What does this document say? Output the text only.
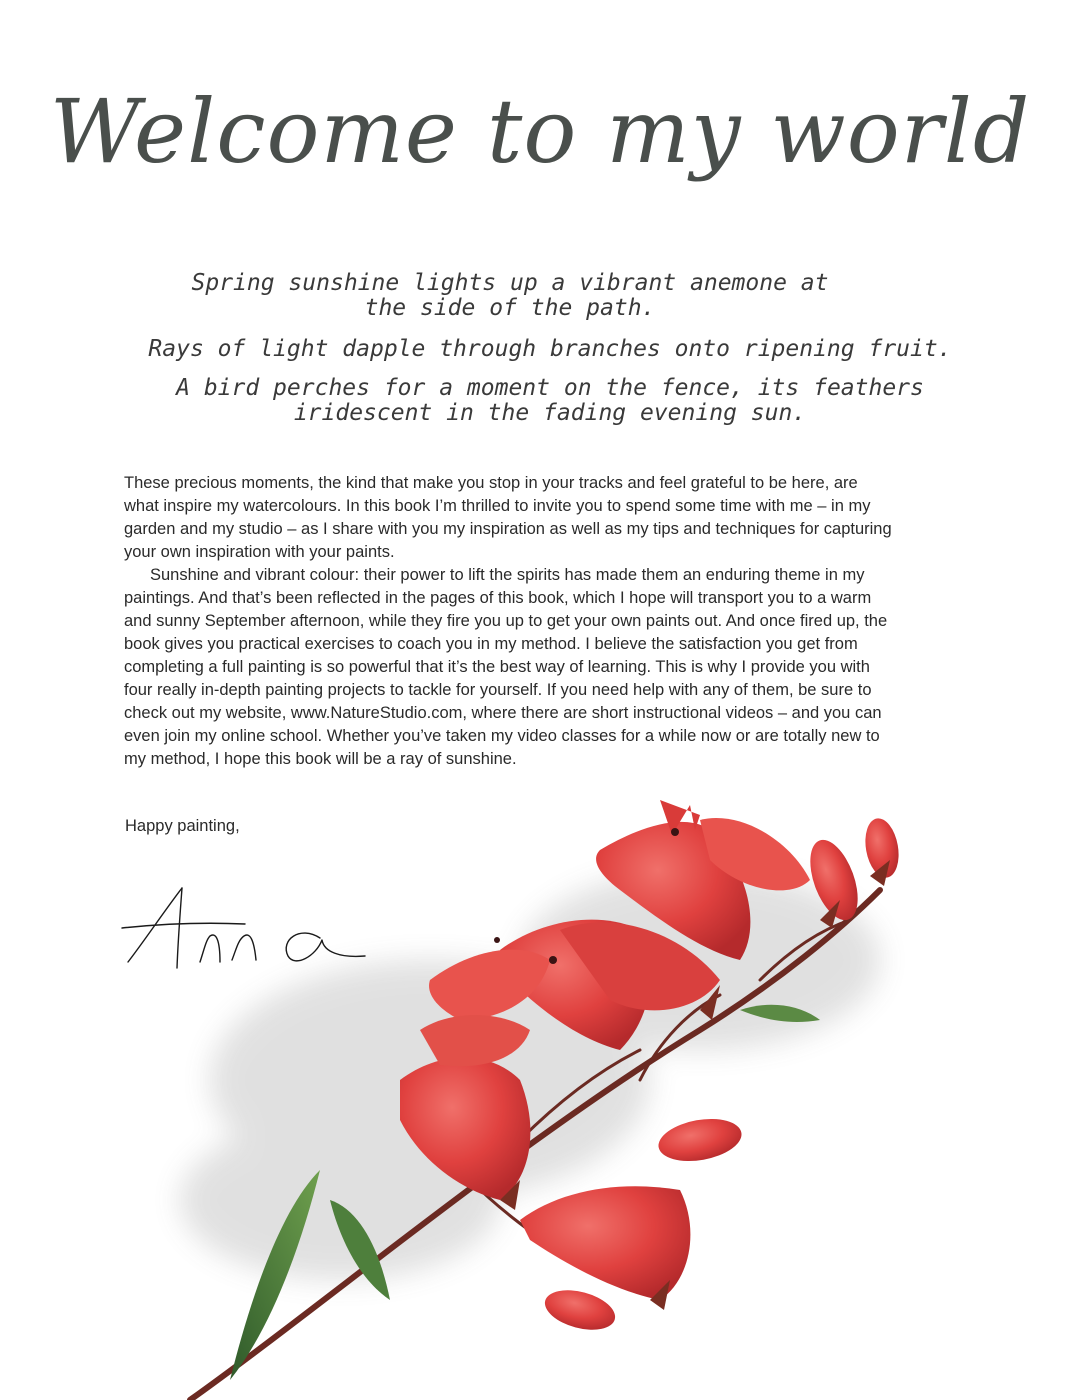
Welcome to my world

Spring sunshine lights up a vibrant anemone at the side of the path.

Rays of light dapple through branches onto ripening fruit.

A bird perches for a moment on the fence, its feathers iridescent in the fading evening sun.

These precious moments, the kind that make you stop in your tracks and feel grateful to be here, are what inspire my watercolours. In this book I’m thrilled to invite you to spend some time with me – in my garden and my studio – as I share with you my inspiration as well as my tips and techniques for capturing your own inspiration with your paints.

Sunshine and vibrant colour: their power to lift the spirits has made them an enduring theme in my paintings. And that’s been reflected in the pages of this book, which I hope will transport you to a warm and sunny September afternoon, while they fire you up to get your own paints out. And once fired up, the book gives you practical exercises to coach you in my method. I believe the satisfaction you get from completing a full painting is so powerful that it’s the best way of learning. This is why I provide you with four really in-depth painting projects to tackle for yourself. If you need help with any of them, be sure to check out my website, www.NatureStudio.com, where there are short instructional videos – and you can even join my online school. Whether you’ve taken my video classes for a while now or are totally new to my method, I hope this book will be a ray of sunshine.

Happy painting,
